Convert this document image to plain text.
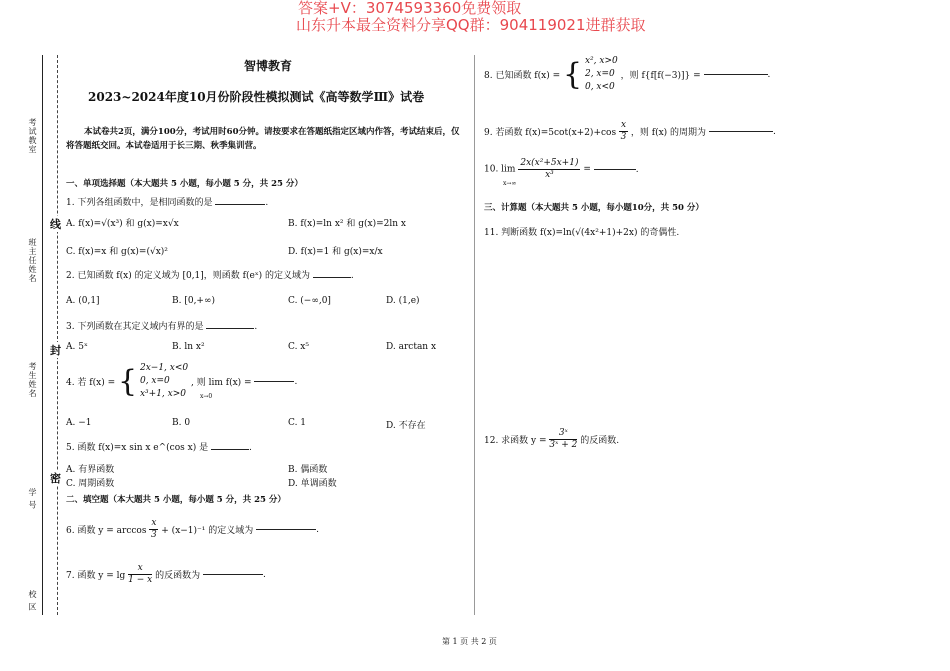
答案+V：3074593360免费领取
山东升本最全资料分享QQ群：904119021进群获取
考试教室
班主任姓名
考生姓名
学 号
校 区
线
封
密
智博教育
2023~2024年度10月份阶段性模拟测试《高等数学Ⅲ》试卷
本试卷共2页，满分100分，考试用时60分钟。请按要求在答题纸指定区域内作答，考试结束后，仅将答题纸交回。本试卷适用于长三期、秋季集训营。
一、单项选择题（本大题共 5 小题，每小题 5 分，共 25 分）
1. 下列各组函数中，是相同函数的是	.
A. f(x)=√(x³) 和 g(x)=x√x	B. f(x)=ln x² 和 g(x)=2ln x
C. f(x)=x 和 g(x)=(√x)²	D. f(x)=1 和 g(x)=x/x
2. 已知函数 f(x) 的定义域为 [0,1]，则函数 f(eˣ) 的定义域为	.
A. (0,1]	B. [0,+∞)	C. (−∞,0]	D. (1,e)
3. 下列函数在其定义域内有界的是	.
A. 5ˣ	B. ln x²	C. x⁵	D. arctan x
4. 若 f(x) = { 2x−1, x<0
0, x=0
x³+1, x>0
, 则 lim f(x) =	.
x→0
A. −1	B. 0	C. 1	D. 不存在
5. 函数 f(x)=x sin x e^(cos x) 是	.
A. 有界函数	B. 偶函数
C. 周期函数	D. 单调函数
二、填空题（本大题共 5 小题，每小题 5 分，共 25 分）
6. 函数 $y = \arccos \frac{x}{3} + (x-1)^{-1}$ 的定义域为	.
7. 函数 $y = \lg \frac{x}{1 - x}$ 的反函数为	.
8. 已知函数 f(x) = { x², x>0
2, x=0
0, x<0
，则 f{f[f(−3)]} =	.
9. 若函数 $f(x)=5\cot(x+2)+\cos \frac{x}{3}$ ，则 f(x) 的周期为	.
10. $\lim \frac{\text{2x(x²+5x+1)}}{\text{x³}}$ =	.
x→∞
三、计算题（本大题共 5 小题，每小题10分，共 50 分）
11. 判断函数 f(x)=ln(√(4x²+1)+2x) 的奇偶性.
12. 求函数 $y = \frac{\text{3ˣ}}{\text{3ˣ + 2}}$ 的反函数.
第 1 页 共 2 页
